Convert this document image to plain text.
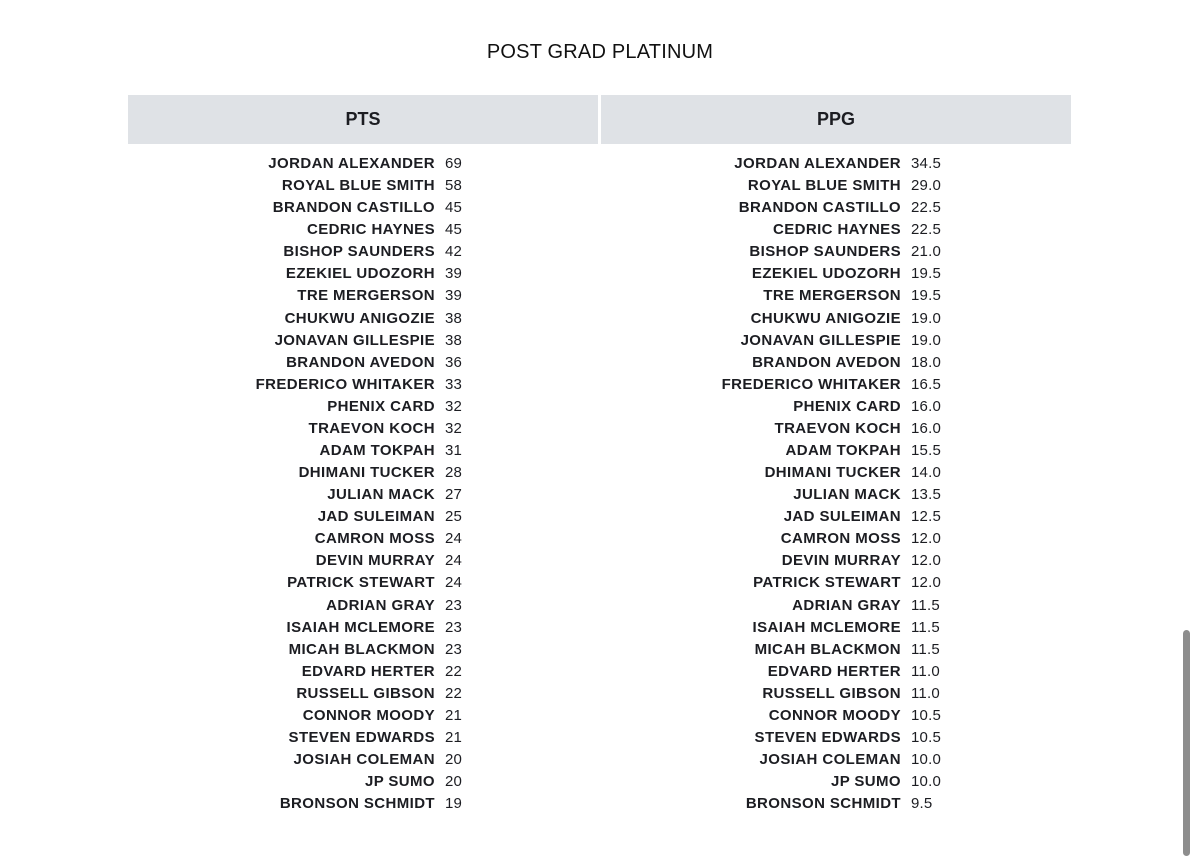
POST GRAD PLATINUM
PTS	PPG
JORDAN ALEXANDER 69
ROYAL BLUE SMITH 58
BRANDON CASTILLO 45
CEDRIC HAYNES 45
BISHOP SAUNDERS 42
EZEKIEL UDOZORH 39
TRE MERGERSON 39
CHUKWU ANIGOZIE 38
JONAVAN GILLESPIE 38
BRANDON AVEDON 36
FREDERICO WHITAKER 33
PHENIX CARD 32
TRAEVON KOCH 32
ADAM TOKPAH 31
DHIMANI TUCKER 28
JULIAN MACK 27
JAD SULEIMAN 25
CAMRON MOSS 24
DEVIN MURRAY 24
PATRICK STEWART 24
ADRIAN GRAY 23
ISAIAH MCLEMORE 23
MICAH BLACKMON 23
EDVARD HERTER 22
RUSSELL GIBSON 22
CONNOR MOODY 21
STEVEN EDWARDS 21
JOSIAH COLEMAN 20
JP SUMO 20
BRONSON SCHMIDT 19
JORDAN ALEXANDER 34.5
ROYAL BLUE SMITH 29.0
BRANDON CASTILLO 22.5
CEDRIC HAYNES 22.5
BISHOP SAUNDERS 21.0
EZEKIEL UDOZORH 19.5
TRE MERGERSON 19.5
CHUKWU ANIGOZIE 19.0
JONAVAN GILLESPIE 19.0
BRANDON AVEDON 18.0
FREDERICO WHITAKER 16.5
PHENIX CARD 16.0
TRAEVON KOCH 16.0
ADAM TOKPAH 15.5
DHIMANI TUCKER 14.0
JULIAN MACK 13.5
JAD SULEIMAN 12.5
CAMRON MOSS 12.0
DEVIN MURRAY 12.0
PATRICK STEWART 12.0
ADRIAN GRAY 11.5
ISAIAH MCLEMORE 11.5
MICAH BLACKMON 11.5
EDVARD HERTER 11.0
RUSSELL GIBSON 11.0
CONNOR MOODY 10.5
STEVEN EDWARDS 10.5
JOSIAH COLEMAN 10.0
JP SUMO 10.0
BRONSON SCHMIDT 9.5
